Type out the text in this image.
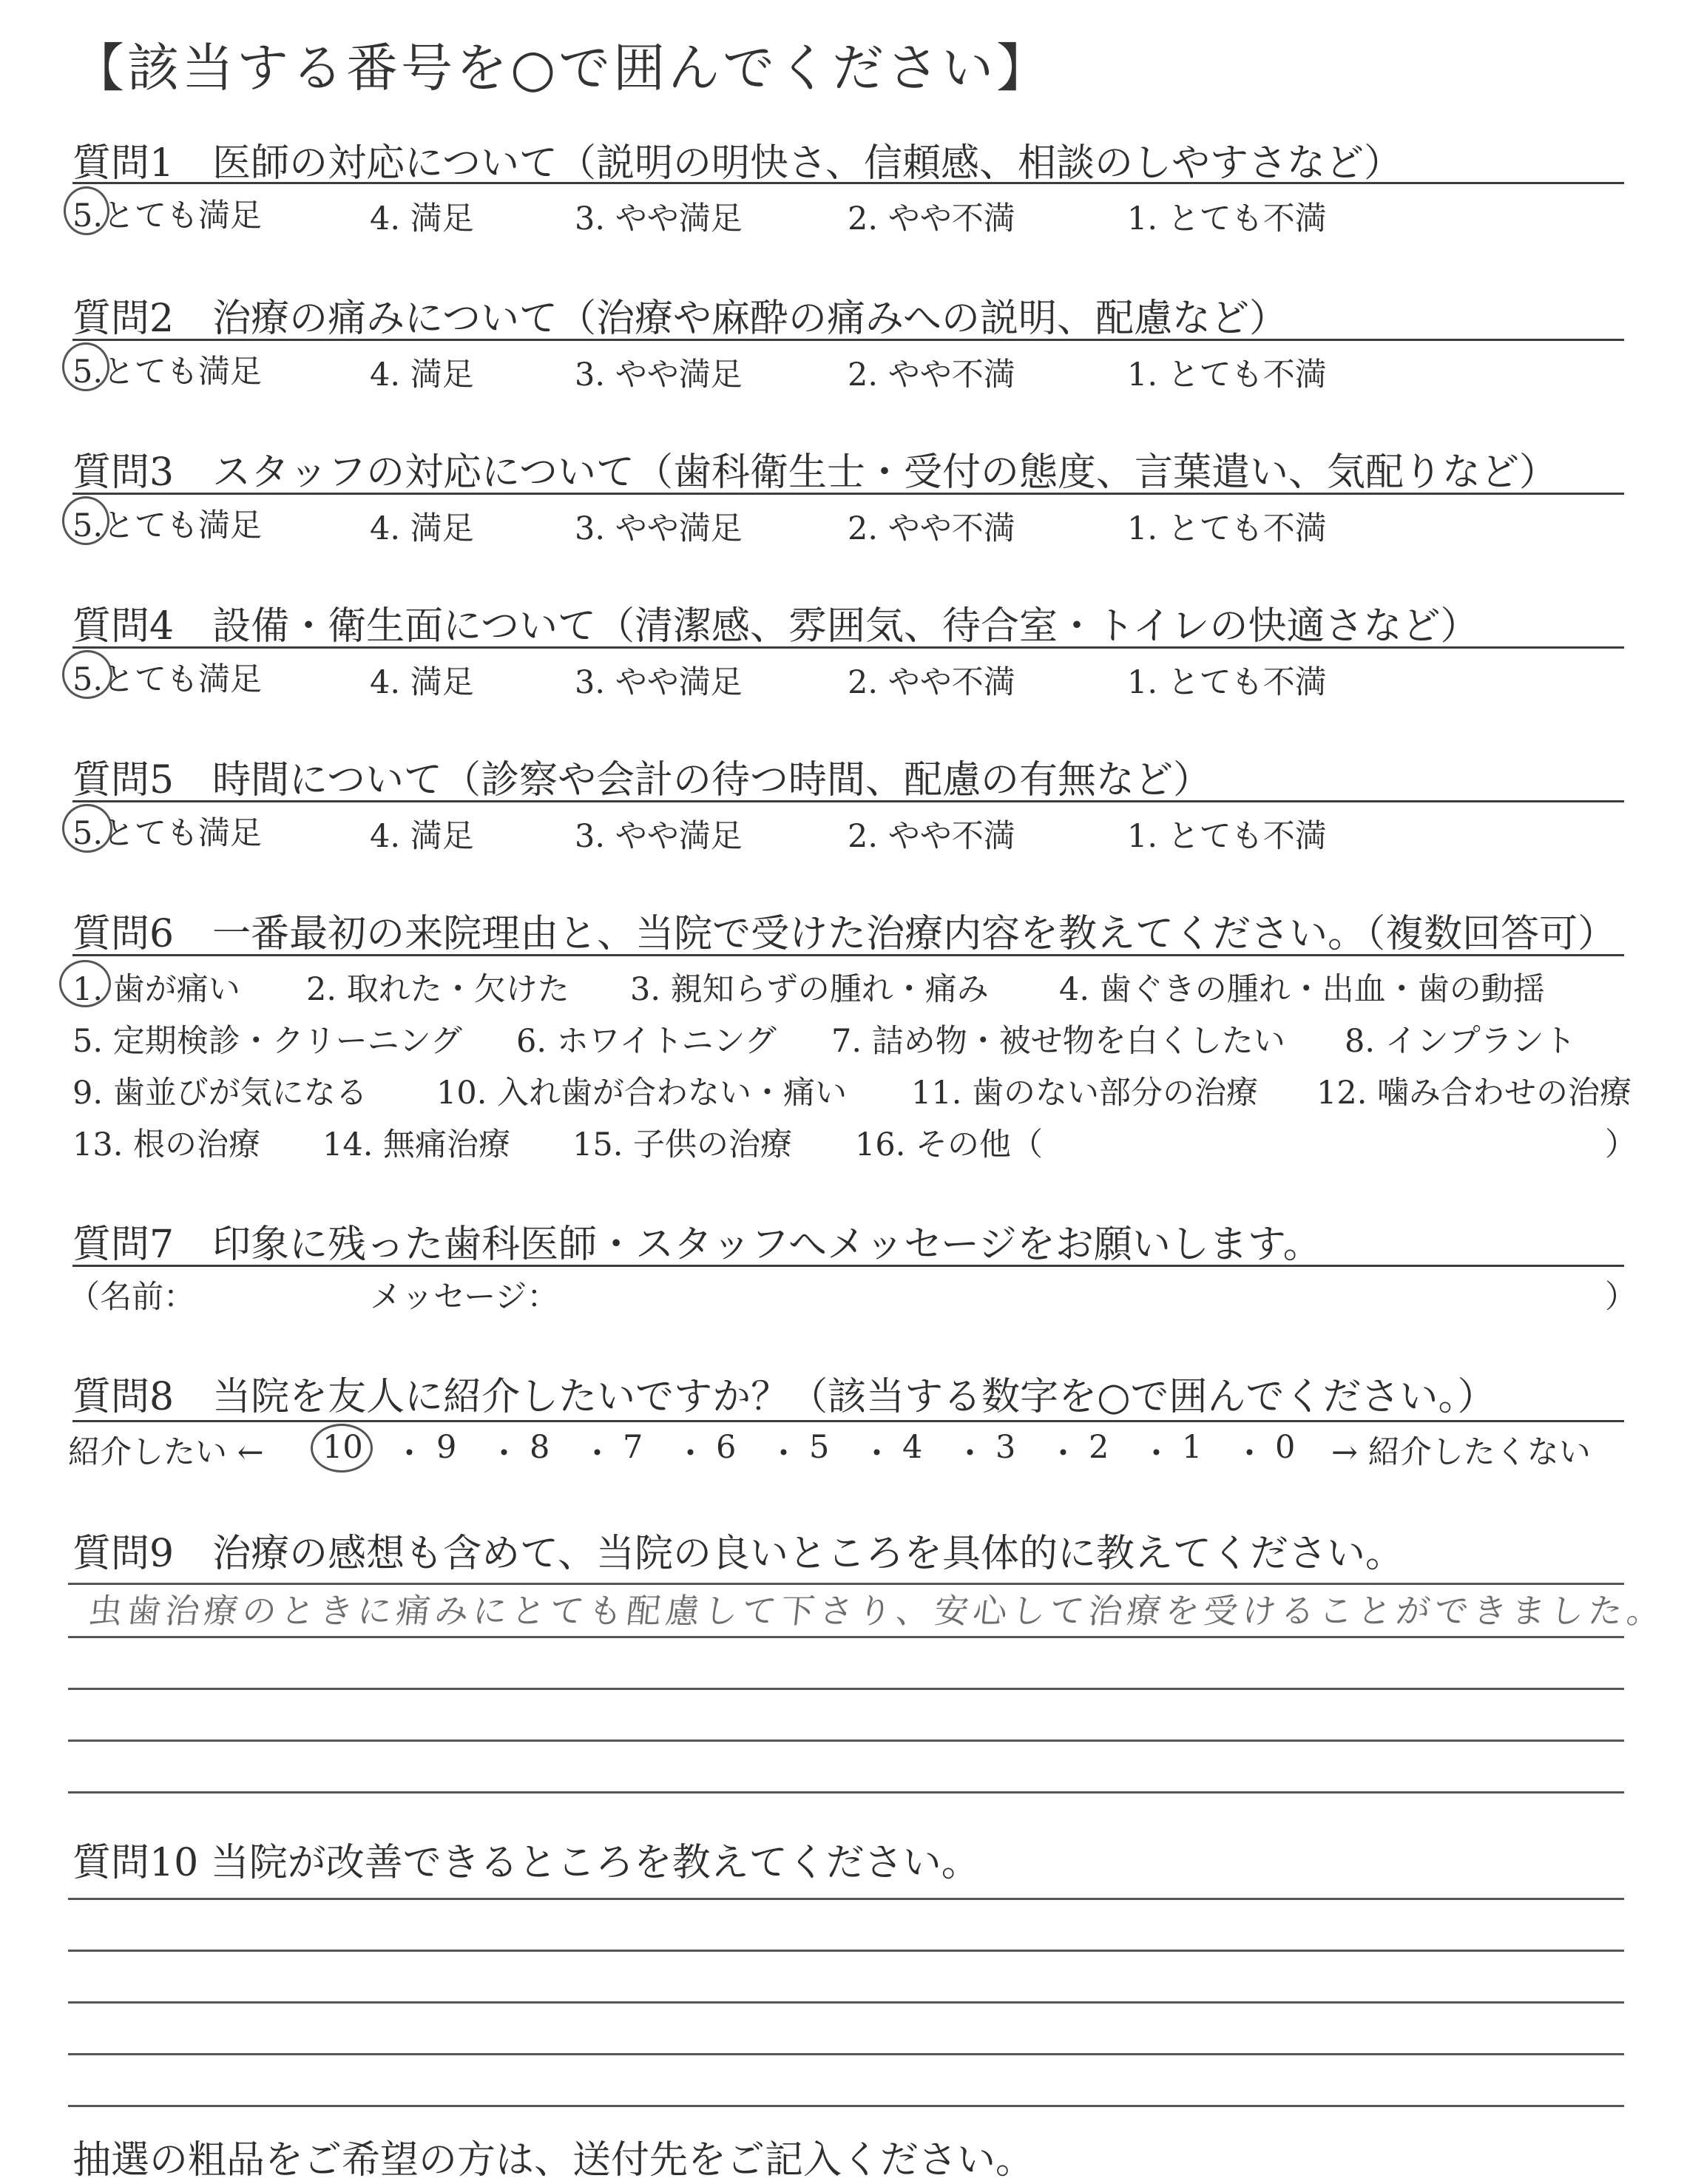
【該当する番号を○で囲んでください】
質問1　医師の対応について（説明の明快さ、信頼感、相談のしやすさなど）
5.とても満足	4. 満足	3. やや満足	2. やや不満	1. とても不満
質問2　治療の痛みについて（治療や麻酔の痛みへの説明、配慮など）
5.とても満足	4. 満足	3. やや満足	2. やや不満	1. とても不満
質問3　スタッフの対応について（歯科衛生士・受付の態度、言葉遣い、気配りなど）
5.とても満足	4. 満足	3. やや満足	2. やや不満	1. とても不満
質問4　設備・衛生面について（清潔感、雰囲気、待合室・トイレの快適さなど）
5.とても満足	4. 満足	3. やや満足	2. やや不満	1. とても不満
質問5　時間について（診察や会計の待つ時間、配慮の有無など）
5.とても満足	4. 満足	3. やや満足	2. やや不満	1. とても不満
質問6　一番最初の来院理由と、当院で受けた治療内容を教えてください。（複数回答可）
1. 歯が痛い 2. 取れた・欠けた 3. 親知らずの腫れ・痛み 4. 歯ぐきの腫れ・出血・歯の動揺
5. 定期検診・クリーニング 6. ホワイトニング 7. 詰め物・被せ物を白くしたい 8. インプラント
9. 歯並びが気になる 10. 入れ歯が合わない・痛い 11. 歯のない部分の治療 12. 噛み合わせの治療
13. 根の治療 14. 無痛治療 15. 子供の治療 16. その他（	）
質問7　印象に残った歯科医師・スタッフへメッセージをお願いします。
（名前：	メッセージ：	）
質問8　当院を友人に紹介したいですか？（該当する数字を○で囲んでください。）
紹介したい ← 10 ・ 9 ・ 8 ・ 7 ・ 6 ・ 5 ・ 4 ・ 3 ・ 2 ・ 1 ・ 0 → 紹介したくない
質問9　治療の感想も含めて、当院の良いところを具体的に教えてください。
虫歯治療のときに痛みにとても配慮して下さり、安心して治療を受けることができました。
質問10 当院が改善できるところを教えてください。
抽選の粗品をご希望の方は、送付先をご記入ください。
